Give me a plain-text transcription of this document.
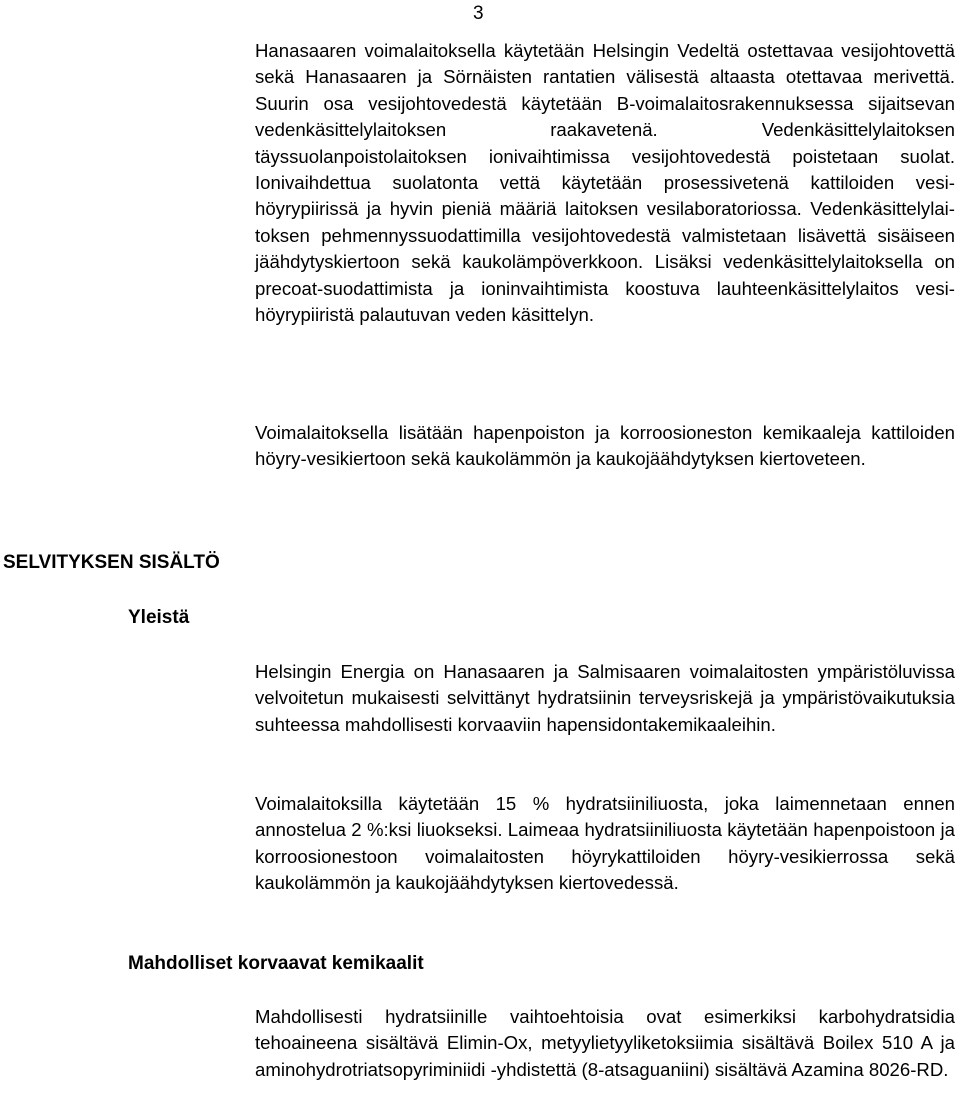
3

Hanasaaren voimalaitoksella käytetään Helsingin Vedeltä ostettavaa vesijohtovettä sekä Hanasaaren ja Sörnäisten rantatien välisestä altaasta otettavaa merivettä. Suurin osa vesijohtovedestä käytetään B-voimalaitosrakennuksessa sijaitsevan vedenkäsittelylaitoksen raakavetenä. Vedenkäsittelylaitoksen täyssuolanpoistolaitoksen ionivaihtimissa vesijohtovedestä poistetaan suolat. Ionivaihdettua suolatonta vettä käytetään prosessivetenä kattiloiden vesi-höyrypiirissä ja hyvin pieniä määriä laitoksen vesilaboratoriossa. Vedenkäsittelylaitoksen pehmennyssuodattimilla vesijohtovedestä valmistetaan lisävettä sisäiseen jäähdytyskiertoon sekä kaukolämpöverkkoon. Lisäksi vedenkäsittelylaitoksella on precoat-suodattimista ja ioninvaihtimista koostuva lauhteenkäsittelylaitos vesi-höyrypiiristä palautuvan veden käsittelyn.

Voimalaitoksella lisätään hapenpoiston ja korroosioneston kemikaaleja kattiloiden höyry-vesikiertoon sekä kaukolämmön ja kaukojäähdytyksen kiertoveteen.

SELVITYKSEN SISÄLTÖ
Yleistä

Helsingin Energia on Hanasaaren ja Salmisaaren voimalaitosten ympäristöluvissa velvoitetun mukaisesti selvittänyt hydratsiinin terveysriskejä ja ympäristövaikutuksia suhteessa mahdollisesti korvaaviin hapensidontakemikaaleihin.

Voimalaitoksilla käytetään 15 % hydratsiiniliuosta, joka laimennetaan ennen annostelua 2 %:ksi liuokseksi. Laimeaa hydratsiiniliuosta käytetään hapenpoistoon ja korroosionestoon voimalaitosten höyrykattiloiden höyry-vesikierrossa sekä kaukolämmön ja kaukojäähdytyksen kiertovedessä.

Mahdolliset korvaavat kemikaalit

Mahdollisesti hydratsiinille vaihtoehtoisia ovat esimerkiksi karbohydratsidia tehoaineena sisältävä Elimin-Ox, metyylietyyliketoksiimia sisältävä Boilex 510 A ja aminohydrotriatsopyriminiidi -yhdistettä (8-atsaguaniini) sisältävä Azamina 8026-RD.
